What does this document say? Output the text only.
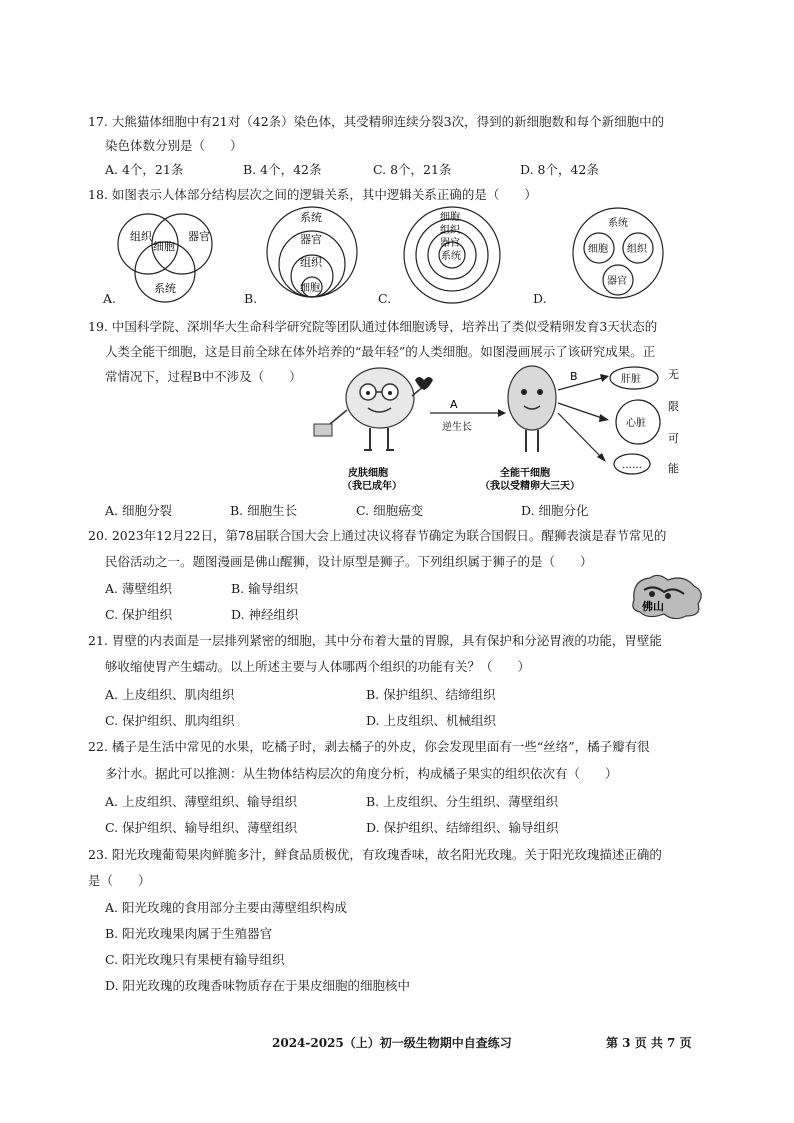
17. 大熊猫体细胞中有21对（42条）染色体，其受精卵连续分裂3次，得到的新细胞数和每个新细胞中的
染色体数分别是（　　）
A. 4个，21条	B. 4个，42条	C. 8个，21条	D. 8个，42条
18. 如图表示人体部分结构层次之间的逻辑关系，其中逻辑关系正确的是（　　）
组织
细胞
器官
系统
A.
系统
器官
组织
细胞
B.
细胞
组织
器官
系统
C.
系统
细胞 组织
器官
D.
19. 中国科学院、深圳华大生命科学研究院等团队通过体细胞诱导，培养出了类似受精卵发育3天状态的
人类全能干细胞，这是目前全球在体外培养的“最年轻”的人类细胞。如图漫画展示了该研究成果。正
常情况下，过程B中不涉及（　　）
皮肤细胞
（我已成年）
A
逆生长
全能干细胞
（我以受精卵大三天）
B	肝脏
心脏
……
无
限
可
能
A. 细胞分裂	B. 细胞生长	C. 细胞癌变	D. 细胞分化
20. 2023年12月22日，第78届联合国大会上通过决议将春节确定为联合国假日。醒狮表演是春节常见的
民俗活动之一。题图漫画是佛山醒狮，设计原型是狮子。下列组织属于狮子的是（　　）
A. 薄壁组织	B. 输导组织
C. 保护组织	D. 神经组织
佛山
21. 胃壁的内表面是一层排列紧密的细胞，其中分布着大量的胃腺，具有保护和分泌胃液的功能，胃壁能
够收缩使胃产生蠕动。以上所述主要与人体哪两个组织的功能有关？（　　）
A. 上皮组织、肌肉组织	B. 保护组织、结缔组织
C. 保护组织、肌肉组织	D. 上皮组织、机械组织
22. 橘子是生活中常见的水果，吃橘子时，剥去橘子的外皮，你会发现里面有一些“丝络”，橘子瓣有很
多汁水。据此可以推测：从生物体结构层次的角度分析，构成橘子果实的组织依次有（　　）
A. 上皮组织、薄壁组织、输导组织	B. 上皮组织、分生组织、薄壁组织
C. 保护组织、输导组织、薄壁组织	D. 保护组织、结缔组织、输导组织
23. 阳光玫瑰葡萄果肉鲜脆多汁，鲜食品质极优，有玫瑰香味，故名阳光玫瑰。关于阳光玫瑰描述正确的
是（　　）
A. 阳光玫瑰的食用部分主要由薄壁组织构成
B. 阳光玫瑰果肉属于生殖器官
C. 阳光玫瑰只有果梗有输导组织
D. 阳光玫瑰的玫瑰香味物质存在于果皮细胞的细胞核中
2024-2025（上）初一级生物期中自查练习	第 3 页 共 7 页
